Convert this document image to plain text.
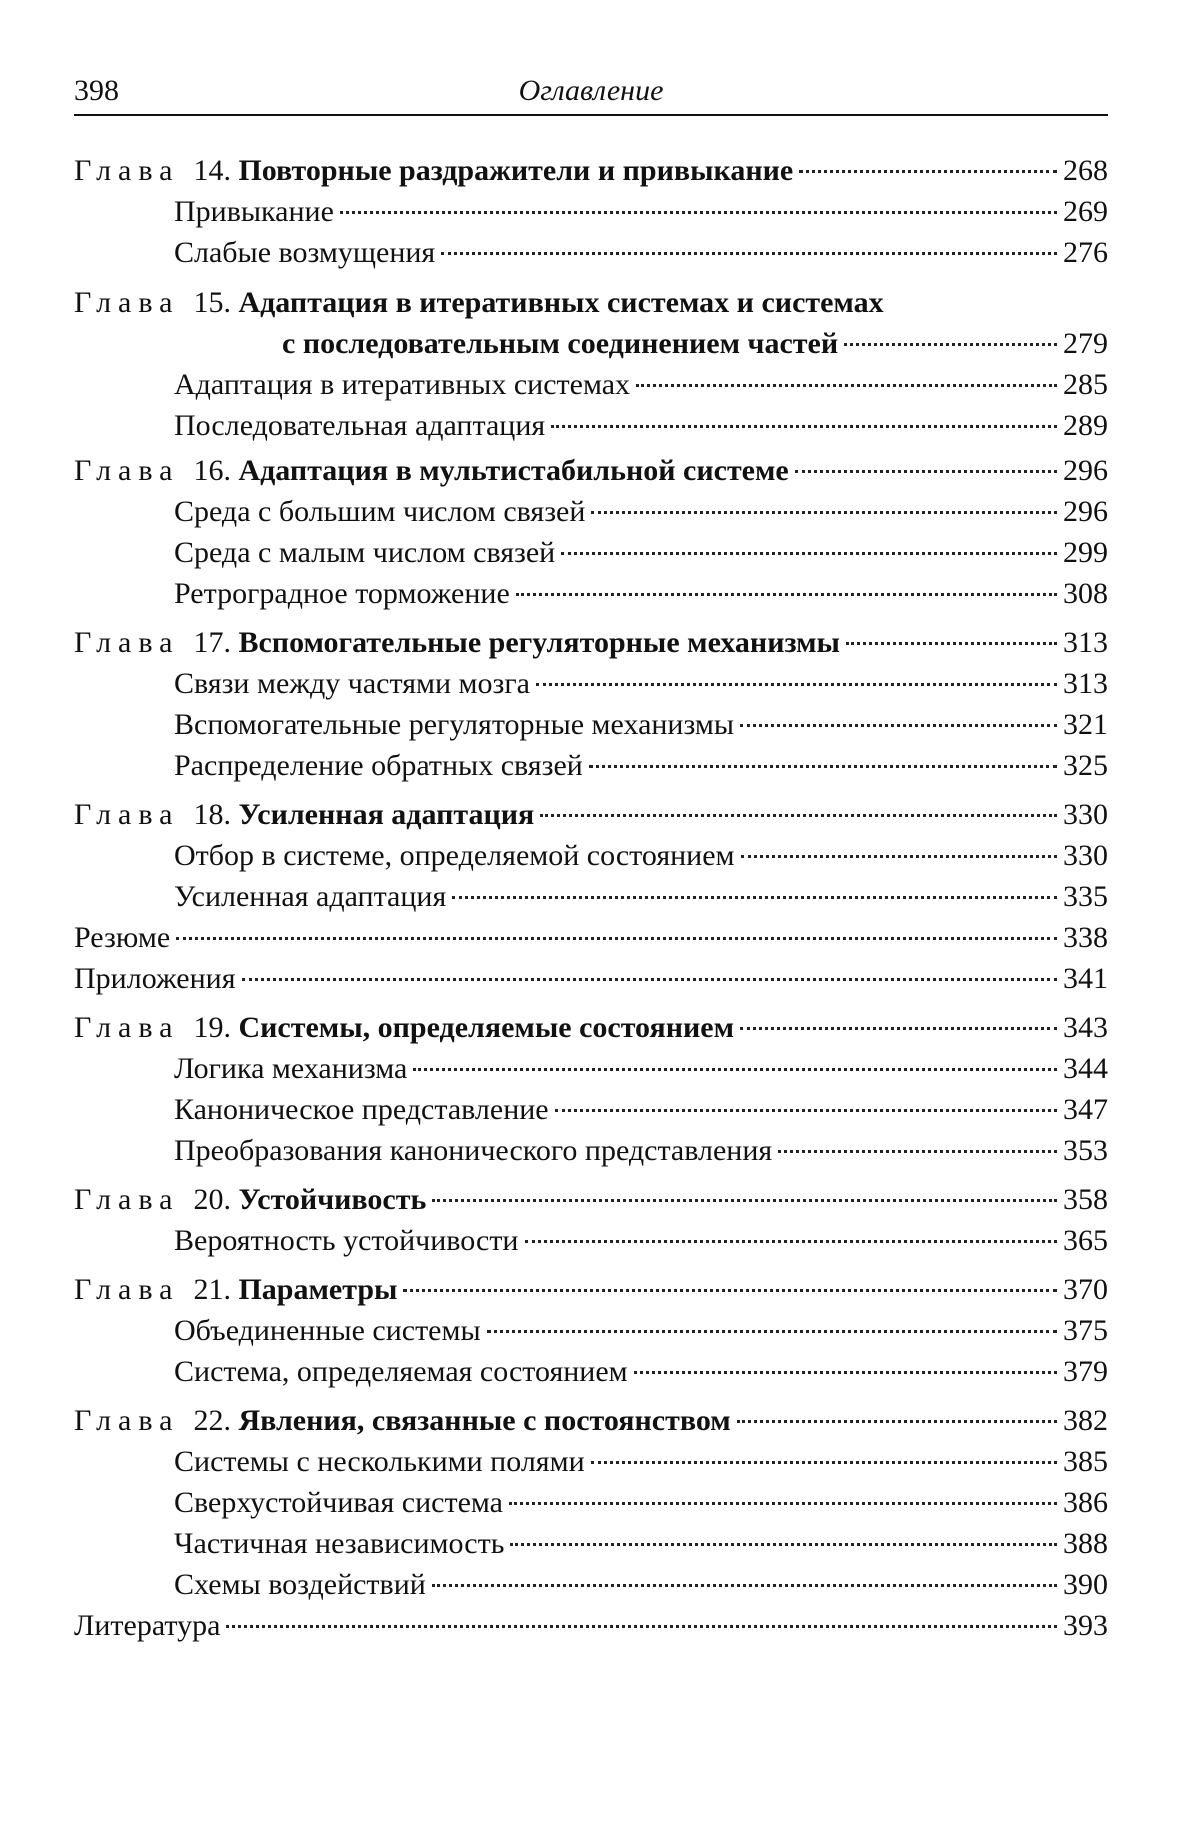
398	Оглавление
Глава 14. Повторные раздражители и привыкание	268
Привыкание	269
Слабые возмущения	276
Глава 15. Адаптация в итеративных системах и системах
с последовательным соединением частей	279
Адаптация в итеративных системах	285
Последовательная адаптация	289
Глава 16. Адаптация в мультистабильной системе	296
Среда с большим числом связей	296
Среда с малым числом связей	299
Ретроградное торможение	308
Глава 17. Вспомогательные регуляторные механизмы	313
Связи между частями мозга	313
Вспомогательные регуляторные механизмы	321
Распределение обратных связей	325
Глава 18. Усиленная адаптация	330
Отбор в системе, определяемой состоянием	330
Усиленная адаптация	335
Резюме	338
Приложения	341
Глава 19. Системы, определяемые состоянием	343
Логика механизма	344
Каноническое представление	347
Преобразования канонического представления	353
Глава 20. Устойчивость	358
Вероятность устойчивости	365
Глава 21. Параметры	370
Объединенные системы	375
Система, определяемая состоянием	379
Глава 22. Явления, связанные с постоянством	382
Системы с несколькими полями	385
Сверхустойчивая система	386
Частичная независимость	388
Схемы воздействий	390
Литература	393
